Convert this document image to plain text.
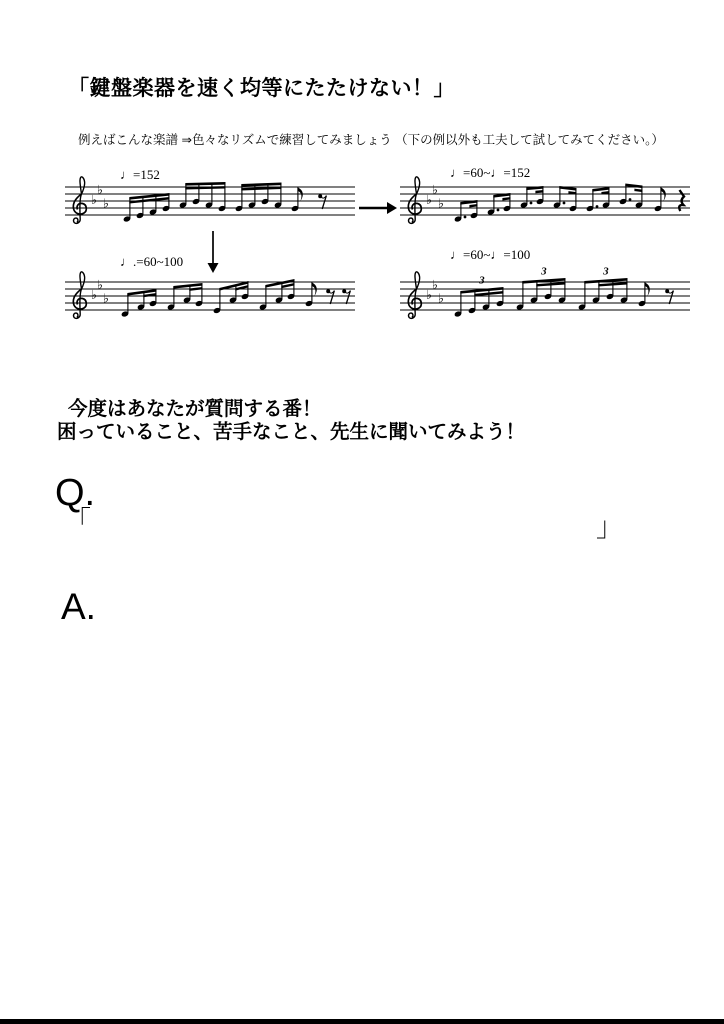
「鍵盤楽器を速く均等にたたけない！」
例えばこんな楽譜 ⇒色々なリズムで練習してみましょう （下の例以外も工夫して試してみてください。）
♩=152	♩=60~♩=152
♩.=60~100	♩=60~♩=100
♭
♭
♭	♭
♭
♭
♭
♭
♭	♭
♭
♭
3
3	3
今度はあなたが質問する番！
困っていること、苦手なこと、先生に聞いてみよう！
Q.
「	」
A.
